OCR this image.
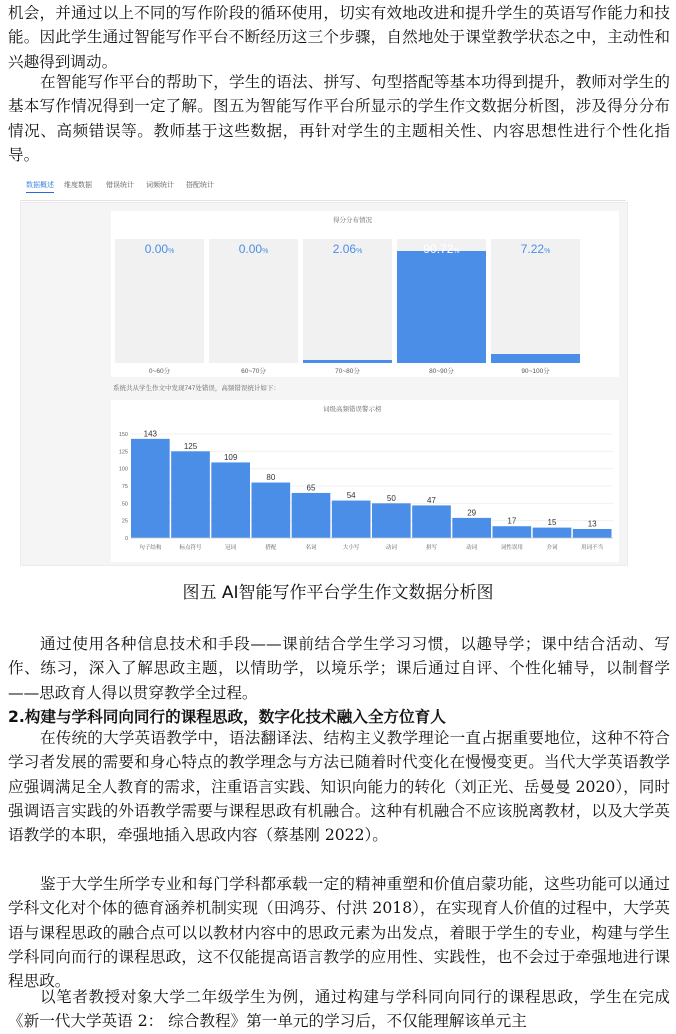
机会，并通过以上不同的写作阶段的循环使用，切实有效地改进和提升学生的英语写作能力和技能。因此学生通过智能写作平台不断经历这三个步骤，自然地处于课堂教学状态之中，主动性和兴趣得到调动。

在智能写作平台的帮助下，学生的语法、拼写、句型搭配等基本功得到提升，教师对学生的基本写作情况得到一定了解。图五为智能写作平台所显示的学生作文数据分析图，涉及得分分布情况、高频错误等。教师基于这些数据，再针对学生的主题相关性、内容思想性进行个性化指导。

数据概述 维度数据 错误统计 词频统计 搭配统计
得分分布情况
0.00%
0~60分
0.00%
60~70分
2.06%
70~80分
90.72%
80~90分
7.22%
90~100分
系统共从学生作文中发现747处错误，高频错误统计如下：
词级高频错误警示榜
150
125
100
75
50
25
0
143
句子结构
125
标点符号
109
冠词
80
搭配
65
名词
54
大小写
50
动词
47
拼写
29
动词
17
词性误用
15
介词
13
用词不当
图五 AI智能写作平台学生作文数据分析图

通过使用各种信息技术和手段——课前结合学生学习习惯，以趣导学；课中结合活动、写作、练习，深入了解思政主题，以情助学，以境乐学；课后通过自评、个性化辅导，以制督学——思政育人得以贯穿教学全过程。

2.构建与学科同向同行的课程思政，数字化技术融入全方位育人

在传统的大学英语教学中，语法翻译法、结构主义教学理论一直占据重要地位，这种不符合学习者发展的需要和身心特点的教学理念与方法已随着时代变化在慢慢变更。当代大学英语教学应强调满足全人教育的需求，注重语言实践、知识向能力的转化（刘正光、岳曼曼 2020），同时强调语言实践的外语教学需要与课程思政有机融合。这种有机融合不应该脱离教材，以及大学英语教学的本职，牵强地插入思政内容（蔡基刚 2022）。

鉴于大学生所学专业和每门学科都承载一定的精神重塑和价值启蒙功能，这些功能可以通过学科文化对个体的德育涵养机制实现（田鸿芬、付洪 2018），在实现育人价值的过程中，大学英语与课程思政的融合点可以以教材内容中的思政元素为出发点，着眼于学生的专业，构建与学生学科同向而行的课程思政，这不仅能提高语言教学的应用性、实践性，也不会过于牵强地进行课程思政。

以笔者教授对象大学二年级学生为例，通过构建与学科同向同行的课程思政，学生在完成《新一代大学英语 2： 综合教程》第一单元的学习后，不仅能理解该单元主
